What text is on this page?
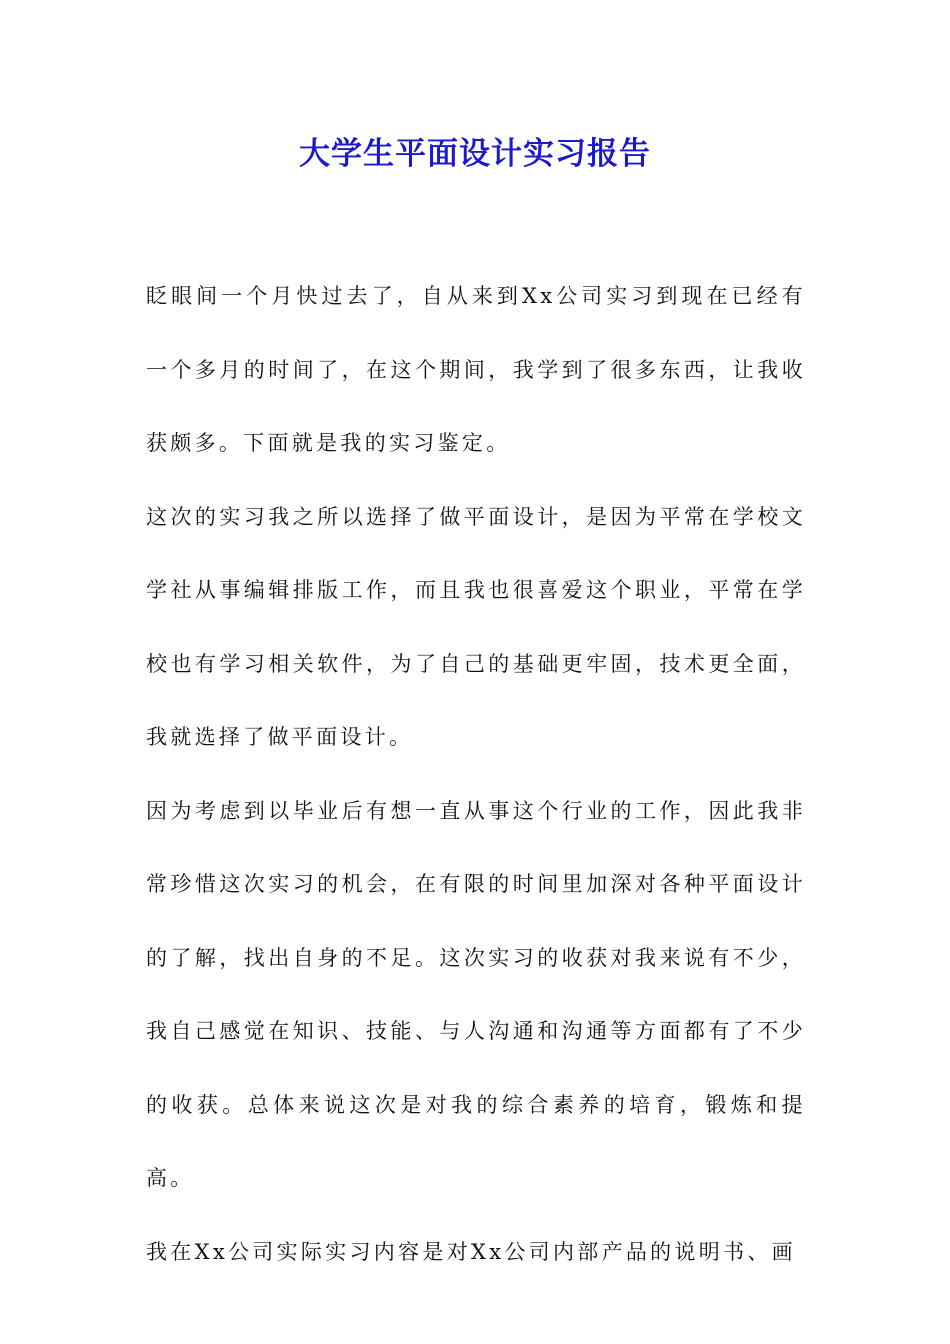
大学生平面设计实习报告

眨眼间一个月快过去了，自从来到Xx公司实习到现在已经有一个多月的时间了，在这个期间，我学到了很多东西，让我收获颇多。下面就是我的实习鉴定。

这次的实习我之所以选择了做平面设计，是因为平常在学校文学社从事编辑排版工作，而且我也很喜爱这个职业，平常在学校也有学习相关软件，为了自己的基础更牢固，技术更全面，我就选择了做平面设计。

因为考虑到以毕业后有想一直从事这个行业的工作，因此我非常珍惜这次实习的机会，在有限的时间里加深对各种平面设计的了解，找出自身的不足。这次实习的收获对我来说有不少，我自己感觉在知识、技能、与人沟通和沟通等方面都有了不少的收获。总体来说这次是对我的综合素养的培育，锻炼和提高。

我在Xx公司实际实习内容是对Xx公司内部产品的说明书、画
